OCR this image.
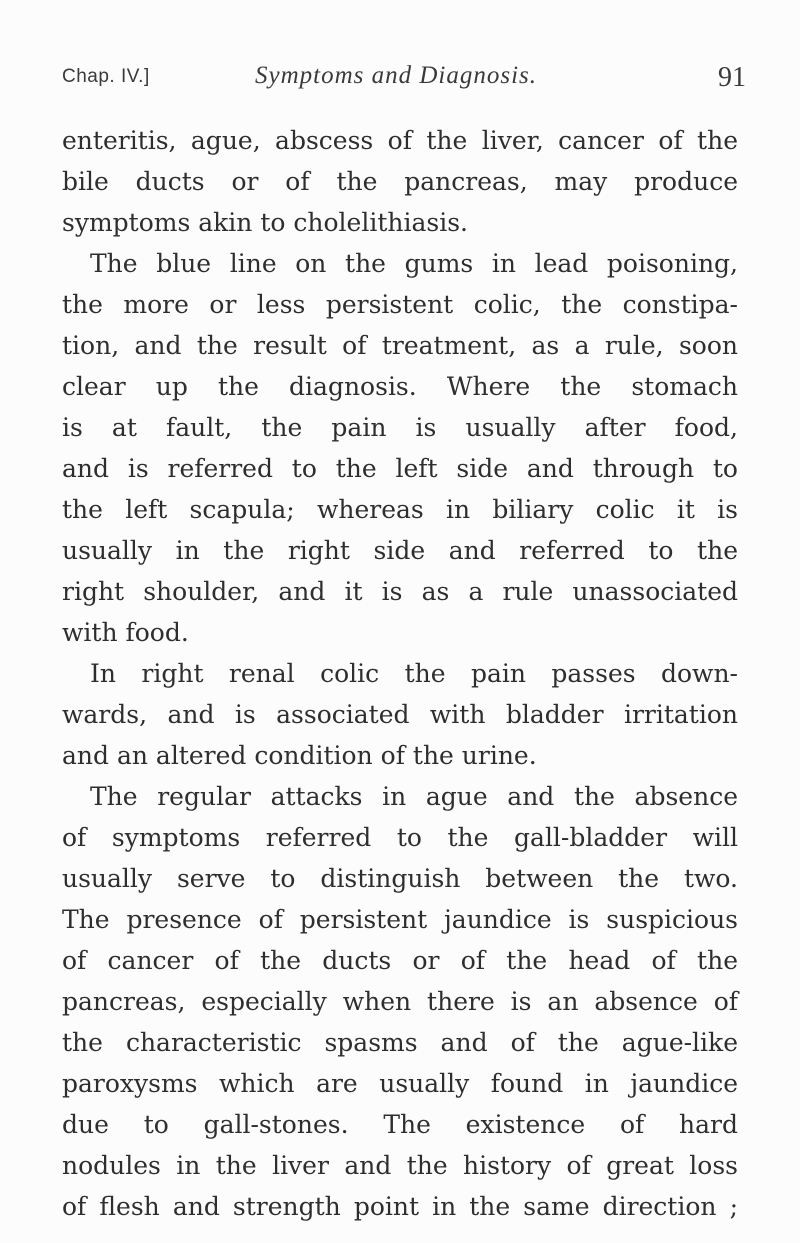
Chap. IV.]	Symptoms and Diagnosis.	91
enteritis, ague, abscess of the liver, cancer of the
bile ducts or of the pancreas, may produce
symptoms akin to cholelithiasis.
The blue line on the gums in lead poisoning,
the more or less persistent colic, the constipa-
tion, and the result of treatment, as a rule, soon
clear up the diagnosis. Where the stomach
is at fault, the pain is usually after food,
and is referred to the left side and through to
the left scapula; whereas in biliary colic it is
usually in the right side and referred to the
right shoulder, and it is as a rule unassociated
with food.
In right renal colic the pain passes down-
wards, and is associated with bladder irritation
and an altered condition of the urine.
The regular attacks in ague and the absence
of symptoms referred to the gall-bladder will
usually serve to distinguish between the two.
The presence of persistent jaundice is suspicious
of cancer of the ducts or of the head of the
pancreas, especially when there is an absence of
the characteristic spasms and of the ague-like
paroxysms which are usually found in jaundice
due to gall-stones. The existence of hard
nodules in the liver and the history of great loss
of flesh and strength point in the same direction ;
